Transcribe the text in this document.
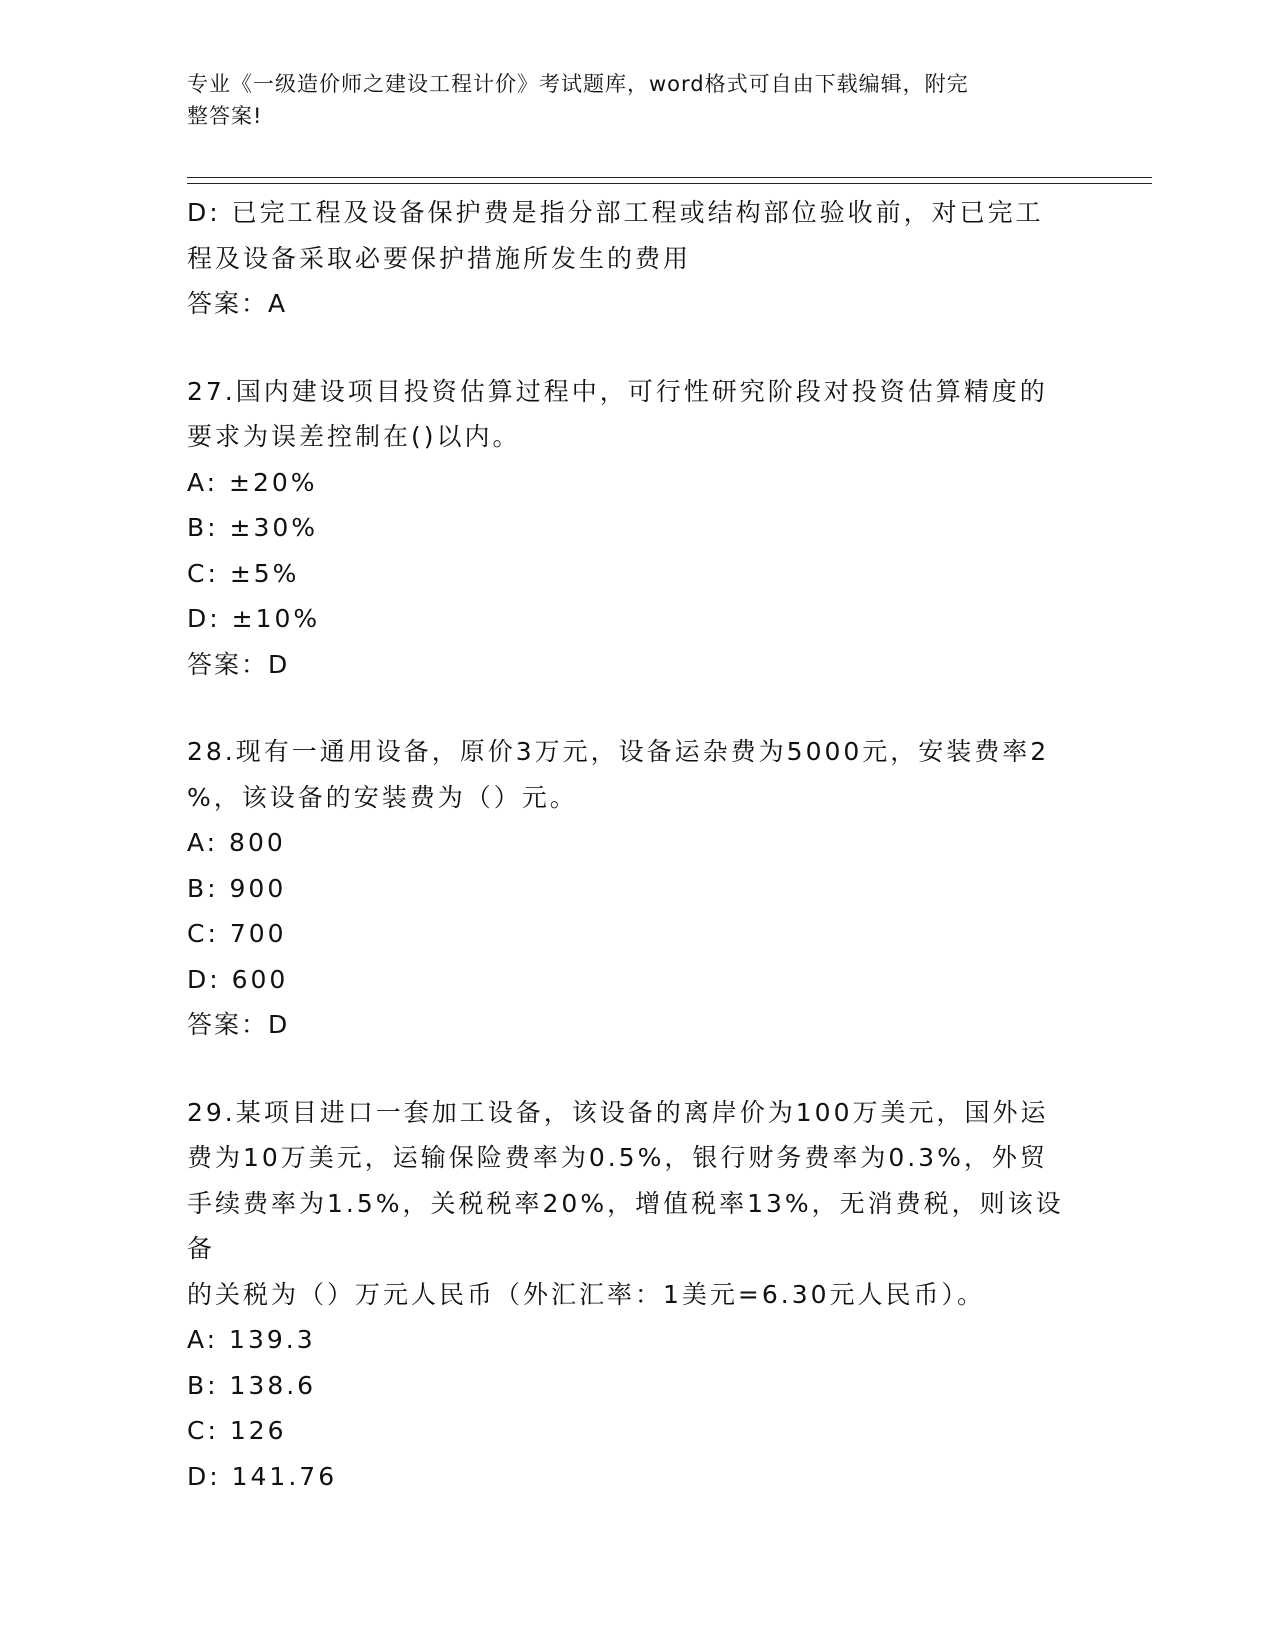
专业《一级造价师之建设工程计价》考试题库，word格式可自由下载编辑，附完
整答案!

D: 已完工程及设备保护费是指分部工程或结构部位验收前，对已完工

程及设备采取必要保护措施所发生的费用

答案：A

27.国内建设项目投资估算过程中，可行性研究阶段对投资估算精度的

要求为误差控制在()以内。

A: ±20%

B: ±30%

C: ±5%

D: ±10%

答案：D

28.现有一通用设备，原价3万元，设备运杂费为5000元，安装费率2

%，该设备的安装费为（）元。

A: 800

B: 900

C: 700

D: 600

答案：D

29.某项目进口一套加工设备，该设备的离岸价为100万美元，国外运

费为10万美元，运输保险费率为0.5%，银行财务费率为0.3%，外贸

手续费率为1.5%，关税税率20%，增值税率13%，无消费税，则该设备

的关税为（）万元人民币（外汇汇率：1美元=6.30元人民币）。

A: 139.3

B: 138.6

C: 126

D: 141.76
